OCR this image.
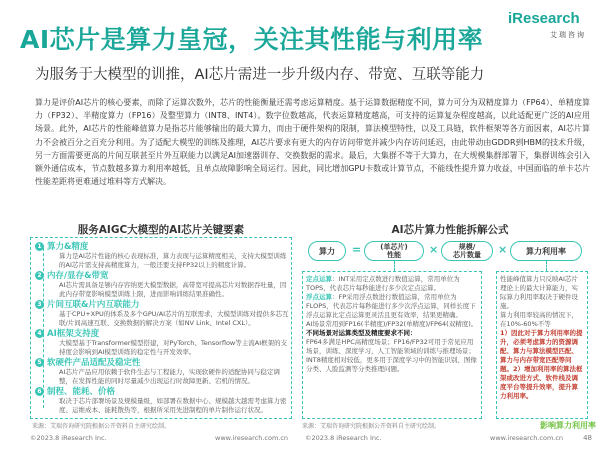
AI芯片是算力皇冠，关注其性能与利用率
iResearch
艾瑞咨询
为服务于大模型的训推，AI芯片需进一步升级内存、带宽、互联等能力
算力是评价AI芯片的核心要素，而除了运算次数外，芯片的性能衡量还需考虑运算精度。基于运算数据精度不同，算力可分为双精度算力（FP64）、单精度算力（FP32）、半精度算力（FP16）及整型算力（INT8、INT4）。数字位数越高，代表运算精度越高，可支持的运算复杂程度越高，以此适配更广泛的AI应用场景。此外，AI芯片的性能峰值算力是指芯片能够输出的最大算力，而由于硬件架构的限制，算法模型特性，以及工具链，软件框架等各方面因素，AI芯片算力不会被百分之百充分利用。为了适配大模型的训练及推理，AI芯片要求有更大的内存访问带宽并减少内存访问延迟，由此带动由GDDR到HBM的技术升级，另一方面需要更高的片间互联甚至片外互联能力以满足AI加速器训存、交换数据的需求。最后，大集群不等于大算力，在大规模集群部署下，集群训练会引入额外通信成本，节点数越多算力利用率越低，且单点故障影响全局运行。因此，同比增加GPU卡数或计算节点，不能线性提升算力收益，中国面临的单卡芯片性能差距将更难通过堆料等方式解决。
服务AIGC大模型的AI芯片关键要素	AI芯片算力性能拆解公式
1 算力&精度
算力是AI芯片性能的核心表现标准，算力表现与运算精度相关，支持大模型训练的AI芯片需支持高精度算力，一般还要支持FP32以上的精度计算。
2 内存/显存&带宽
AI芯片需具备足够内存容纳更大模型数据，高带宽可提高芯片对数据吞吐量，因此内存带宽影响模型训练上限，进而影响训练结果准确性。
3 片间互联&片内互联能力
基于CPU+XPU的体系及多个GPU/AI芯片的互联需求，大模型训练对提供多芯互联/片间高速互联、交换数据的解决方案（如NV Link、Intel CXL）。
4 AI框架支持度
大模型基于Transformer模型搭建，对PyTorch、Tensorflow等主流AI框架的支持度会影响到AI模型训练的稳定性与开发效率。
5 软硬件产品适配及稳定性
AI芯片产品应用依赖于软件生态与工程能力，实现软硬件的适配协同与稳定调整，在发挥性能的同时尽量减少出现运行时故障更新、宕机的情况。
6 制程、能耗、价格
取决于芯片部署场景及规模量级，如部署在数据中心、规模越大越需考虑算力密度、运维成本、能耗散热等，根据所采用先进制程的单片制作运行状况。
算力	=	(单芯片)
性能	×	规模/
芯片数量	×	算力利用率
定点运算：INT采用定点数进行数值运算，常用单位为TOPS，代表芯片每秒能进行多少次定点运算。
浮点运算：FP采用浮点数进行数值运算，常用单位为FLOPS，代表芯片每秒能进行多少次浮点运算，同样长度下浮点运算比定点运算更灵活且更有效率，结果更精确。
AI场景常用到FP16(半精度)/FP32(单精度)/FP64(双精度)。
不同场景对运算类型及精度要求不同：
FP64多满足HPC高精度场景；FP16/FP32可用于常见应用场景，训练、深度学习，人工智能领域的训练与推理场景；INT8精度相对较低，更多用于深度学习中的智能识别、图像分类、人脸监测等分类推理问题。
性能峰值算力只反映AI芯片理论上的最大计算能力，实际算力利用率取决于硬件设施。
算力利用率较高的情况下，在10%-60%不等
1）因此对于算力利用率的提升，必须考虑算力的资源调配、算力与算法模型匹配、算力与内存带宽匹配等问题。2）增加利用率的算法框架或改进方式、软件栈及调度平台等提升效率，提升算力利用率。
来源：艾瑞咨询研究院根据公开资料自主研究绘制。	来源：艾瑞咨询研究院根据公开资料自主研究绘制。	影响算力利用率
©2023.8 iResearch Inc.	www.iresearch.com.cn	©2023.8 iResearch Inc.	www.iresearch.com.cn	48
